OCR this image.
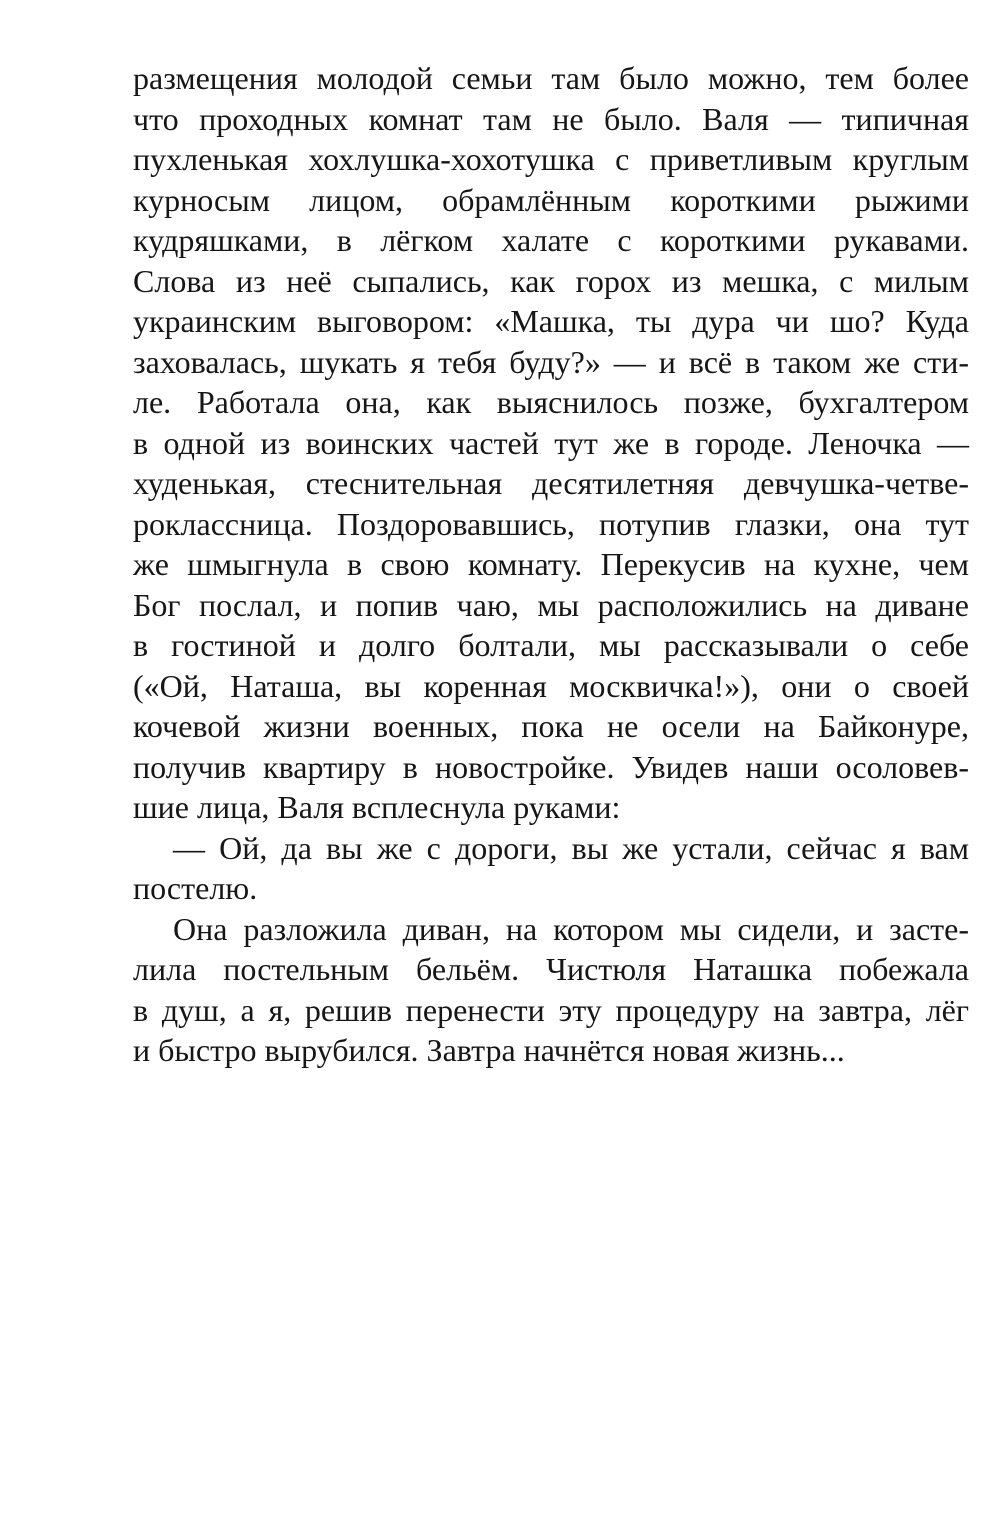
размещения молодой семьи там было можно, тем более
что проходных комнат там не было. Валя — типичная
пухленькая хохлушка-хохотушка с приветливым круглым
курносым лицом, обрамлённым короткими рыжими
кудряшками, в лёгком халате с короткими рукавами.
Слова из неё сыпались, как горох из мешка, с милым
украинским выговором: «Машка, ты дура чи шо? Куда
заховалась, шукать я тебя буду?» — и всё в таком же сти-
ле. Работала она, как выяснилось позже, бухгалтером
в одной из воинских частей тут же в городе. Леночка —
худенькая, стеснительная десятилетняя девчушка-четве-
роклассница. Поздоровавшись, потупив глазки, она тут
же шмыгнула в свою комнату. Перекусив на кухне, чем
Бог послал, и попив чаю, мы расположились на диване
в гостиной и долго болтали, мы рассказывали о себе
(«Ой, Наташа, вы коренная москвичка!»), они о своей
кочевой жизни военных, пока не осели на Байконуре,
получив квартиру в новостройке. Увидев наши осоловев-
шие лица, Валя всплеснула руками:
— Ой, да вы же с дороги, вы же устали, сейчас я вам
постелю.
Она разложила диван, на котором мы сидели, и засте-
лила постельным бельём. Чистюля Наташка побежала
в душ, а я, решив перенести эту процедуру на завтра, лёг
и быстро вырубился. Завтра начнётся новая жизнь...
